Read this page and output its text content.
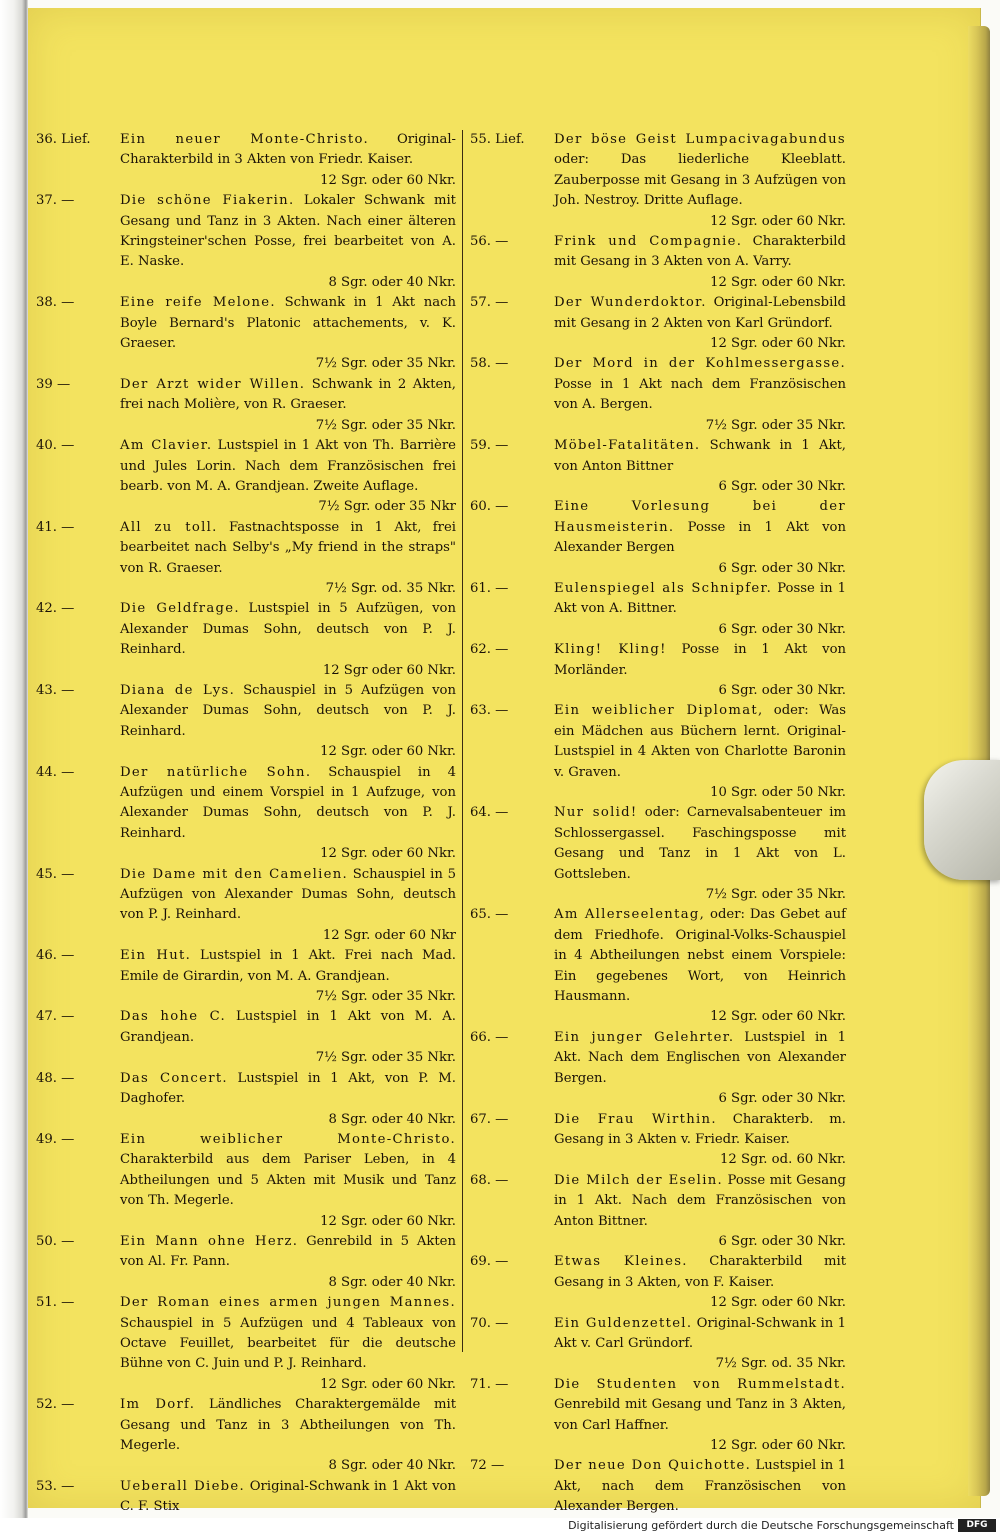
36. Lief.	Ein neuer Monte-Christo. Original-Charakterbild in 3 Akten von Friedr. Kaiser.
12 Sgr. oder 60 Nkr.
37. —	Die schöne Fiakerin. Lokaler Schwank mit Gesang und Tanz in 3 Akten. Nach einer älteren Kringsteiner'schen Posse, frei bearbeitet von A. E. Naske.
8 Sgr. oder 40 Nkr.
38. —	Eine reife Melone. Schwank in 1 Akt nach Boyle Bernard's Platonic attachements, v. K. Graeser.
7½ Sgr. oder 35 Nkr.
39 —	Der Arzt wider Willen. Schwank in 2 Akten, frei nach Molière, von R. Graeser.
7½ Sgr. oder 35 Nkr.
40. —	Am Clavier. Lustspiel in 1 Akt von Th. Barrière und Jules Lorin. Nach dem Französischen frei bearb. von M. A. Grandjean. Zweite Auflage.
7½ Sgr. oder 35 Nkr
41. —	All zu toll. Fastnachtsposse in 1 Akt, frei bearbeitet nach Selby's „My friend in the straps" von R. Graeser.
7½ Sgr. od. 35 Nkr.
42. —	Die Geldfrage. Lustspiel in 5 Aufzügen, von Alexander Dumas Sohn, deutsch von P. J. Reinhard.
12 Sgr oder 60 Nkr.
43. —	Diana de Lys. Schauspiel in 5 Aufzügen von Alexander Dumas Sohn, deutsch von P. J. Reinhard.
12 Sgr. oder 60 Nkr.
44. —	Der natürliche Sohn. Schauspiel in 4 Aufzügen und einem Vorspiel in 1 Aufzuge, von Alexander Dumas Sohn, deutsch von P. J. Reinhard.
12 Sgr. oder 60 Nkr.
45. —	Die Dame mit den Camelien. Schauspiel in 5 Aufzügen von Alexander Dumas Sohn, deutsch von P. J. Reinhard.
12 Sgr. oder 60 Nkr
46. —	Ein Hut. Lustspiel in 1 Akt. Frei nach Mad. Emile de Girardin, von M. A. Grandjean.
7½ Sgr. oder 35 Nkr.
47. —	Das hohe C. Lustspiel in 1 Akt von M. A. Grandjean.
7½ Sgr. oder 35 Nkr.
48. —	Das Concert. Lustspiel in 1 Akt, von P. M. Daghofer.
8 Sgr. oder 40 Nkr.
49. —	Ein weiblicher Monte-Christo. Charakterbild aus dem Pariser Leben, in 4 Abtheilungen und 5 Akten mit Musik und Tanz von Th. Megerle.
12 Sgr. oder 60 Nkr.
50. —	Ein Mann ohne Herz. Genrebild in 5 Akten von Al. Fr. Pann.
8 Sgr. oder 40 Nkr.
51. —	Der Roman eines armen jungen Mannes. Schauspiel in 5 Aufzügen und 4 Tableaux von Octave Feuillet, bearbeitet für die deutsche Bühne von C. Juin und P. J. Reinhard.
12 Sgr. oder 60 Nkr.
52. —	Im Dorf. Ländliches Charaktergemälde mit Gesang und Tanz in 3 Abtheilungen von Th. Megerle.
8 Sgr. oder 40 Nkr.
53. —	Ueberall Diebe. Original-Schwank in 1 Akt von C. F. Stix
55. Lief.	Der böse Geist Lumpacivagabundus oder: Das liederliche Kleeblatt. Zauberposse mit Gesang in 3 Aufzügen von Joh. Nestroy. Dritte Auflage.
12 Sgr. oder 60 Nkr.
56. —	Frink und Compagnie. Charakterbild mit Gesang in 3 Akten von A. Varry.
12 Sgr. oder 60 Nkr.
57. —	Der Wunderdoktor. Original-Lebensbild mit Gesang in 2 Akten von Karl Gründorf.
12 Sgr. oder 60 Nkr.
58. —	Der Mord in der Kohlmessergasse. Posse in 1 Akt nach dem Französischen von A. Bergen.
7½ Sgr. oder 35 Nkr.
59. —	Möbel-Fatalitäten. Schwank in 1 Akt, von Anton Bittner
6 Sgr. oder 30 Nkr.
60. —	Eine Vorlesung bei der Hausmeisterin. Posse in 1 Akt von Alexander Bergen
6 Sgr. oder 30 Nkr.
61. —	Eulenspiegel als Schnipfer. Posse in 1 Akt von A. Bittner.
6 Sgr. oder 30 Nkr.
62. —	Kling! Kling! Posse in 1 Akt von Morländer.
6 Sgr. oder 30 Nkr.
63. —	Ein weiblicher Diplomat, oder: Was ein Mädchen aus Büchern lernt. Original-Lustspiel in 4 Akten von Charlotte Baronin v. Graven.
10 Sgr. oder 50 Nkr.
64. —	Nur solid! oder: Carnevalsabenteuer im Schlossergassel. Faschingsposse mit Gesang und Tanz in 1 Akt von L. Gottsleben.
7½ Sgr. oder 35 Nkr.
65. —	Am Allerseelentag, oder: Das Gebet auf dem Friedhofe. Original-Volks-Schauspiel in 4 Abtheilungen nebst einem Vorspiele: Ein gegebenes Wort, von Heinrich Hausmann.
12 Sgr. oder 60 Nkr.
66. —	Ein junger Gelehrter. Lustspiel in 1 Akt. Nach dem Englischen von Alexander Bergen.
6 Sgr. oder 30 Nkr.
67. —	Die Frau Wirthin. Charakterb. m. Gesang in 3 Akten v. Friedr. Kaiser.
12 Sgr. od. 60 Nkr.
68. —	Die Milch der Eselin. Posse mit Gesang in 1 Akt. Nach dem Französischen von Anton Bittner.
6 Sgr. oder 30 Nkr.
69. —	Etwas Kleines. Charakterbild mit Gesang in 3 Akten, von F. Kaiser.
12 Sgr. oder 60 Nkr.
70. —	Ein Guldenzettel. Original-Schwank in 1 Akt v. Carl Gründorf.
7½ Sgr. od. 35 Nkr.
71. —	Die Studenten von Rummelstadt. Genrebild mit Gesang und Tanz in 3 Akten, von Carl Haffner.
12 Sgr. oder 60 Nkr.
72 —	Der neue Don Quichotte. Lustspiel in 1 Akt, nach dem Französischen von Alexander Bergen.
Digitalisierung gefördert durch die Deutsche Forschungsgemeinschaft	DFG
